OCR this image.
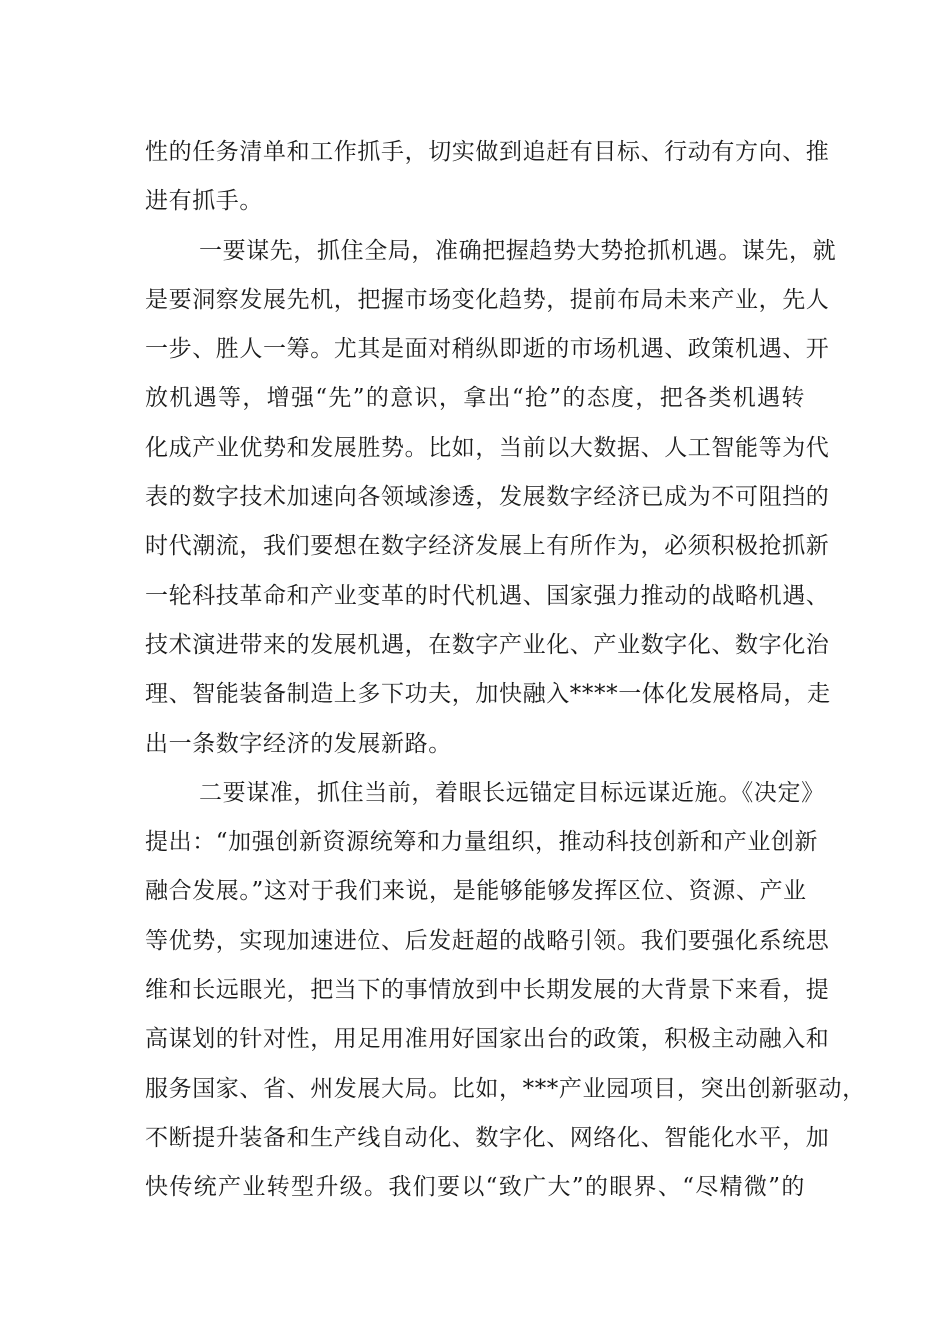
性的任务清单和工作抓手，切实做到追赶有目标、行动有方向、推
进有抓手。
一要谋先，抓住全局，准确把握趋势大势抢抓机遇。谋先，就
是要洞察发展先机，把握市场变化趋势，提前布局未来产业，先人
一步、胜人一筹。尤其是面对稍纵即逝的市场机遇、政策机遇、开
放机遇等，增强“先”的意识，拿出“抢”的态度，把各类机遇转
化成产业优势和发展胜势。比如，当前以大数据、人工智能等为代
表的数字技术加速向各领域渗透，发展数字经济已成为不可阻挡的
时代潮流，我们要想在数字经济发展上有所作为，必须积极抢抓新
一轮科技革命和产业变革的时代机遇、国家强力推动的战略机遇、
技术演进带来的发展机遇，在数字产业化、产业数字化、数字化治
理、智能装备制造上多下功夫，加快融入****一体化发展格局，走
出一条数字经济的发展新路。
二要谋准，抓住当前，着眼长远锚定目标远谋近施。《决定》
提出：“加强创新资源统筹和力量组织，推动科技创新和产业创新
融合发展。”这对于我们来说，是能够能够发挥区位、资源、产业
等优势，实现加速进位、后发赶超的战略引领。我们要强化系统思
维和长远眼光，把当下的事情放到中长期发展的大背景下来看，提
高谋划的针对性，用足用准用好国家出台的政策，积极主动融入和
服务国家、省、州发展大局。比如，***产业园项目，突出创新驱动，
不断提升装备和生产线自动化、数字化、网络化、智能化水平，加
快传统产业转型升级。我们要以“致广大”的眼界、“尽精微”的
